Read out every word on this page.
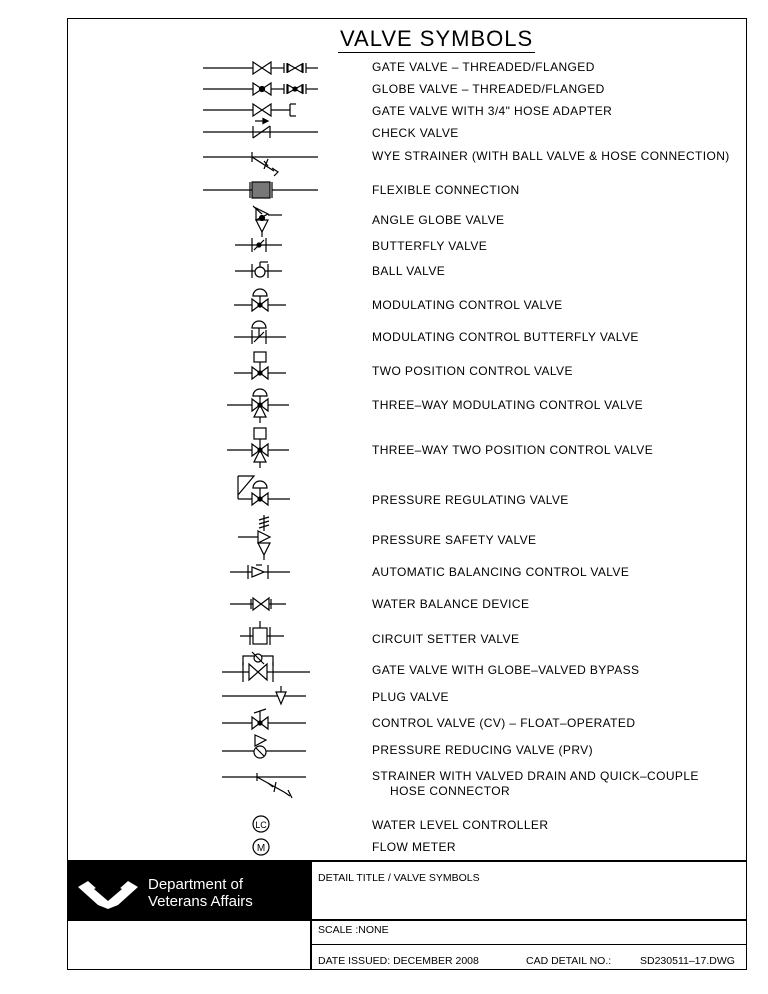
VALVE SYMBOLS
GATE VALVE – THREADED/FLANGED
GLOBE VALVE – THREADED/FLANGED
GATE VALVE WITH 3/4" HOSE ADAPTER
CHECK VALVE
WYE STRAINER (WITH BALL VALVE & HOSE CONNECTION)
FLEXIBLE CONNECTION
ANGLE GLOBE VALVE
BUTTERFLY VALVE
BALL VALVE
MODULATING CONTROL VALVE
MODULATING CONTROL BUTTERFLY VALVE
TWO POSITION CONTROL VALVE
THREE–WAY MODULATING CONTROL VALVE
THREE–WAY TWO POSITION CONTROL VALVE
PRESSURE REGULATING VALVE
PRESSURE SAFETY VALVE
AUTOMATIC BALANCING CONTROL VALVE
WATER BALANCE DEVICE
CIRCUIT SETTER VALVE
GATE VALVE WITH GLOBE–VALVED BYPASS
PLUG VALVE
CONTROL VALVE (CV) – FLOAT–OPERATED
PRESSURE REDUCING VALVE (PRV)
STRAINER WITH VALVED DRAIN AND QUICK–COUPLE
HOSE CONNECTOR
WATER LEVEL CONTROLLER
FLOW METER
LC
M
Department of
Veterans Affairs
DETAIL TITLE / VALVE SYMBOLS
SCALE :NONE
DATE ISSUED: DECEMBER 2008	CAD DETAIL NO.:	SD230511–17.DWG
